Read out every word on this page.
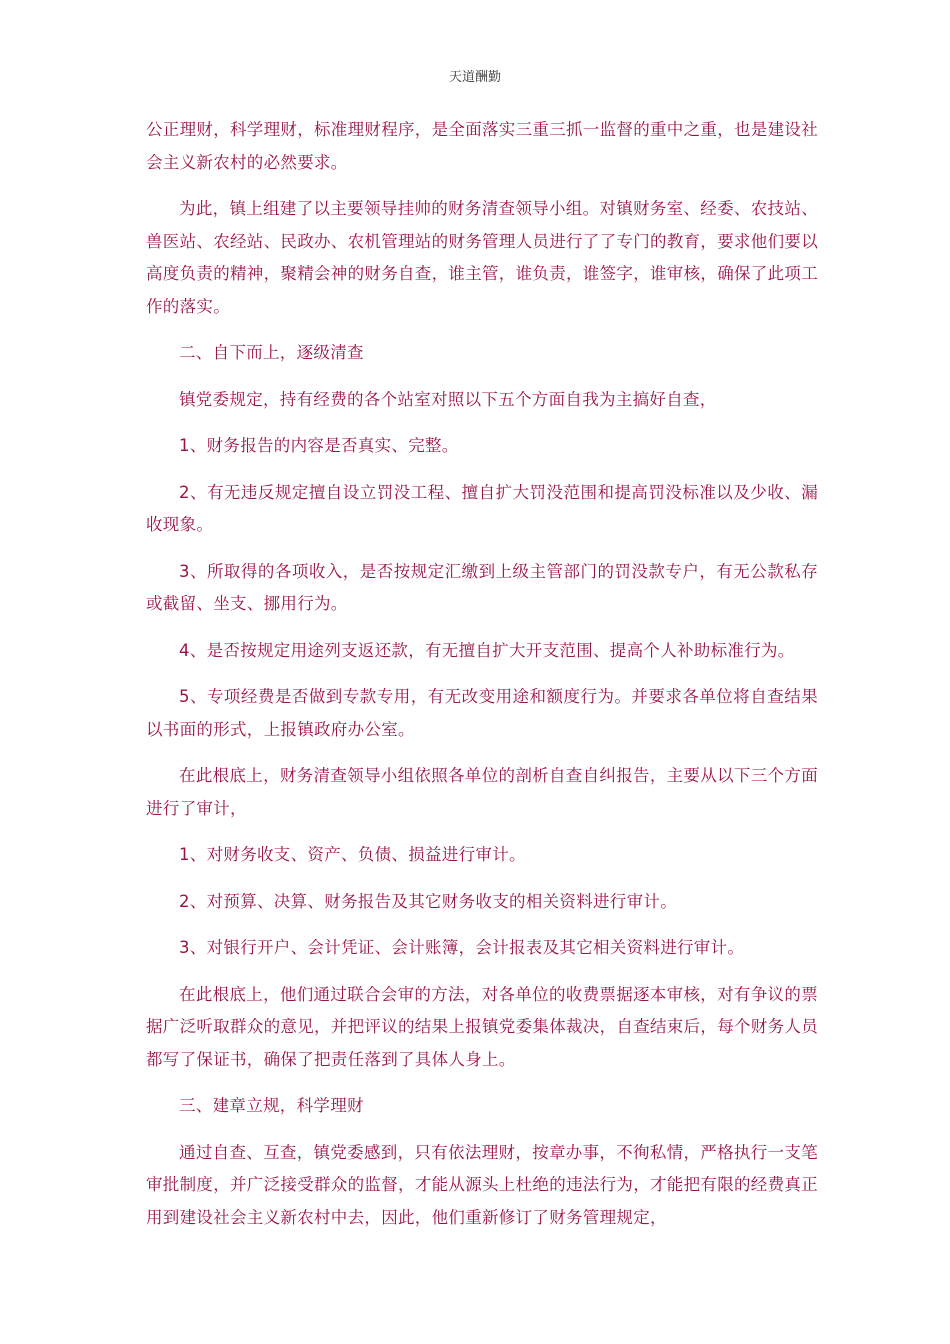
天道酬勤

公正理财，科学理财，标准理财程序，是全面落实三重三抓一监督的重中之重，也是建设社会主义新农村的必然要求。

为此，镇上组建了以主要领导挂帅的财务清查领导小组。对镇财务室、经委、农技站、兽医站、农经站、民政办、农机管理站的财务管理人员进行了了专门的教育，要求他们要以高度负责的精神，聚精会神的财务自查，谁主管，谁负责，谁签字，谁审核，确保了此项工作的落实。

二、自下而上，逐级清查

镇党委规定，持有经费的各个站室对照以下五个方面自我为主搞好自查，

1、财务报告的内容是否真实、完整。

2、有无违反规定擅自设立罚没工程、擅自扩大罚没范围和提高罚没标准以及少收、漏收现象。

3、所取得的各项收入，是否按规定汇缴到上级主管部门的罚没款专户，有无公款私存或截留、坐支、挪用行为。

4、是否按规定用途列支返还款，有无擅自扩大开支范围、提高个人补助标准行为。

5、专项经费是否做到专款专用，有无改变用途和额度行为。并要求各单位将自查结果以书面的形式，上报镇政府办公室。

在此根底上，财务清查领导小组依照各单位的剖析自查自纠报告，主要从以下三个方面进行了审计，

1、对财务收支、资产、负债、损益进行审计。

2、对预算、决算、财务报告及其它财务收支的相关资料进行审计。

3、对银行开户、会计凭证、会计账簿，会计报表及其它相关资料进行审计。

在此根底上，他们通过联合会审的方法，对各单位的收费票据逐本审核，对有争议的票据广泛听取群众的意见，并把评议的结果上报镇党委集体裁决，自查结束后，每个财务人员都写了保证书，确保了把责任落到了具体人身上。

三、建章立规，科学理财

通过自查、互查，镇党委感到，只有依法理财，按章办事，不徇私情，严格执行一支笔审批制度，并广泛接受群众的监督，才能从源头上杜绝的违法行为，才能把有限的经费真正用到建设社会主义新农村中去，因此，他们重新修订了财务管理规定，
